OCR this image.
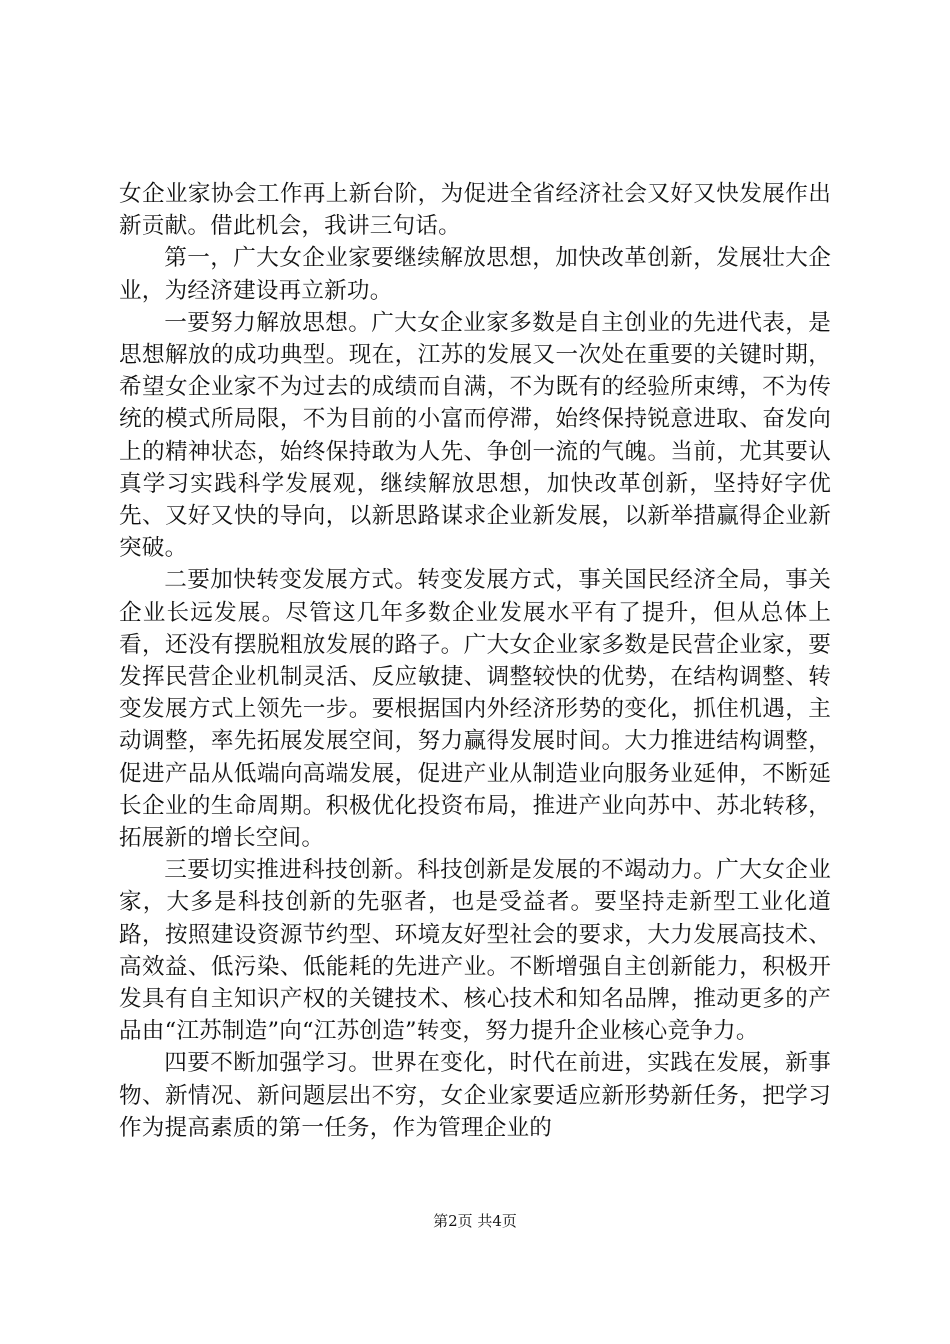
女企业家协会工作再上新台阶，为促进全省经济社会又好又快发展作出新贡献。借此机会，我讲三句话。

第一，广大女企业家要继续解放思想，加快改革创新，发展壮大企业，为经济建设再立新功。

一要努力解放思想。广大女企业家多数是自主创业的先进代表，是思想解放的成功典型。现在，江苏的发展又一次处在重要的关键时期，希望女企业家不为过去的成绩而自满，不为既有的经验所束缚，不为传统的模式所局限，不为目前的小富而停滞，始终保持锐意进取、奋发向上的精神状态，始终保持敢为人先、争创一流的气魄。当前，尤其要认真学习实践科学发展观，继续解放思想，加快改革创新，坚持好字优先、又好又快的导向，以新思路谋求企业新发展，以新举措赢得企业新突破。

二要加快转变发展方式。转变发展方式，事关国民经济全局，事关企业长远发展。尽管这几年多数企业发展水平有了提升，但从总体上看，还没有摆脱粗放发展的路子。广大女企业家多数是民营企业家，要发挥民营企业机制灵活、反应敏捷、调整较快的优势，在结构调整、转变发展方式上领先一步。要根据国内外经济形势的变化，抓住机遇，主动调整，率先拓展发展空间，努力赢得发展时间。大力推进结构调整，促进产品从低端向高端发展，促进产业从制造业向服务业延伸，不断延长企业的生命周期。积极优化投资布局，推进产业向苏中、苏北转移，拓展新的增长空间。

三要切实推进科技创新。科技创新是发展的不竭动力。广大女企业家，大多是科技创新的先驱者，也是受益者。要坚持走新型工业化道路，按照建设资源节约型、环境友好型社会的要求，大力发展高技术、高效益、低污染、低能耗的先进产业。不断增强自主创新能力，积极开发具有自主知识产权的关键技术、核心技术和知名品牌，推动更多的产品由“江苏制造”向“江苏创造”转变，努力提升企业核心竞争力。

四要不断加强学习。世界在变化，时代在前进，实践在发展，新事物、新情况、新问题层出不穷，女企业家要适应新形势新任务，把学习作为提高素质的第一任务，作为管理企业的

第2页 共4页
